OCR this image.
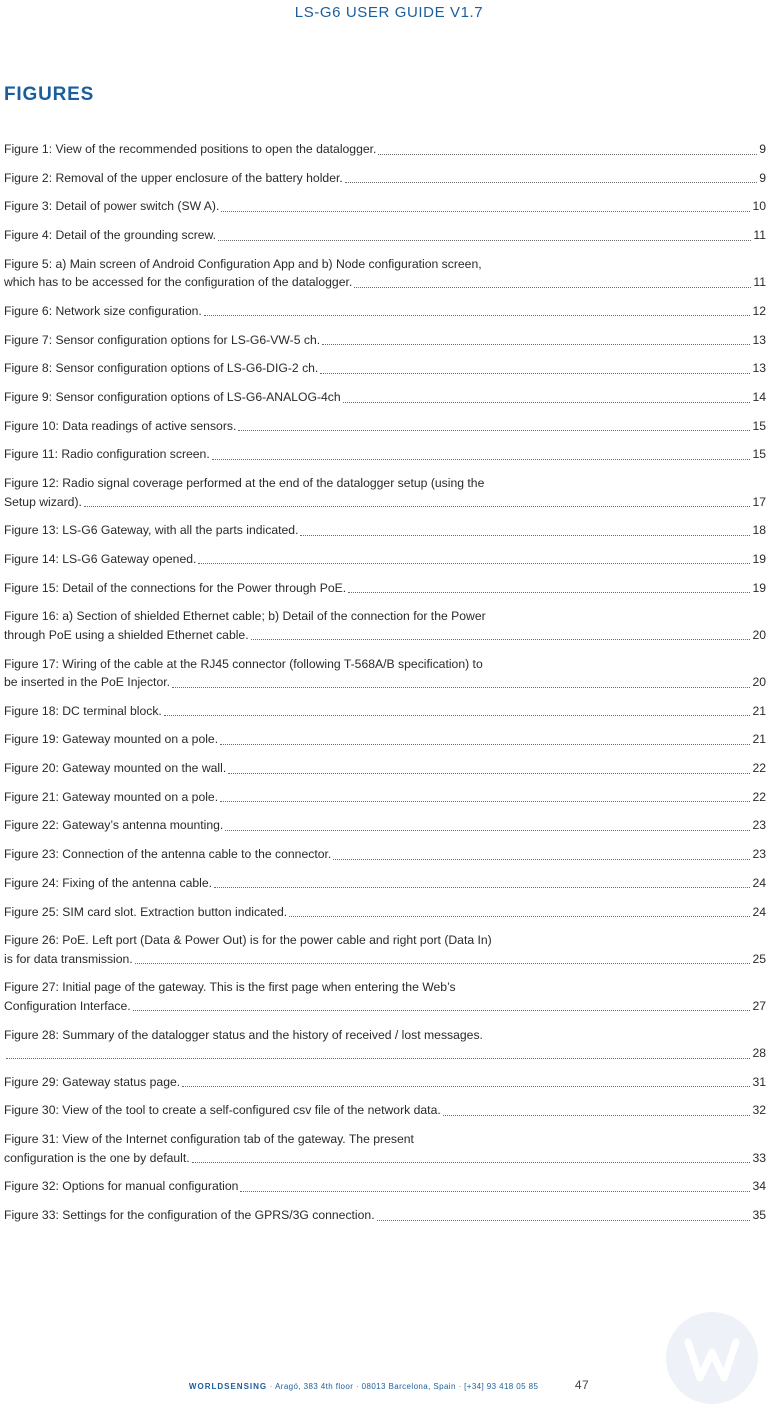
LS-G6 USER GUIDE V1.7
FIGURES
Figure 1: View of the recommended positions to open the datalogger.	9
Figure 2: Removal of the upper enclosure of the battery holder.	9
Figure 3: Detail of power switch (SW A).	10
Figure 4: Detail of the grounding screw.	11
Figure 5: a) Main screen of Android Configuration App and b) Node configuration screen,
which has to be accessed for the configuration of the datalogger.	11
Figure 6: Network size configuration.	12
Figure 7: Sensor configuration options for LS-G6-VW-5 ch.	13
Figure 8: Sensor configuration options of LS-G6-DIG-2 ch.	13
Figure 9: Sensor configuration options of LS-G6-ANALOG-4ch	14
Figure 10: Data readings of active sensors.	15
Figure 11: Radio configuration screen.	15
Figure 12: Radio signal coverage performed at the end of the datalogger setup (using the
Setup wizard).	17
Figure 13: LS-G6 Gateway, with all the parts indicated.	18
Figure 14: LS-G6 Gateway opened.	19
Figure 15: Detail of the connections for the Power through PoE.	19
Figure 16: a) Section of shielded Ethernet cable; b) Detail of the connection for the Power
through PoE using a shielded Ethernet cable.	20
Figure 17: Wiring of the cable at the RJ45 connector (following T-568A/B specification) to
be inserted in the PoE Injector.	20
Figure 18: DC terminal block.	21
Figure 19: Gateway mounted on a pole.	21
Figure 20: Gateway mounted on the wall.	22
Figure 21: Gateway mounted on a pole.	22
Figure 22: Gateway’s antenna mounting.	23
Figure 23: Connection of the antenna cable to the connector.	23
Figure 24: Fixing of the antenna cable.	24
Figure 25: SIM card slot. Extraction button indicated.	24
Figure 26: PoE. Left port (Data & Power Out) is for the power cable and right port (Data In)
is for data transmission.	25
Figure 27: Initial page of the gateway. This is the first page when entering the Web’s
Configuration Interface.	27
Figure 28: Summary of the datalogger status and the history of received / lost messages.
28
Figure 29: Gateway status page.	31
Figure 30: View of the tool to create a self-configured csv file of the network data.	32
Figure 31: View of the Internet configuration tab of the gateway. The present
configuration is the one by default.	33
Figure 32: Options for manual configuration	34
Figure 33: Settings for the configuration of the GPRS/3G connection.	35
WORLDSENSING · Aragó, 383 4th floor · 08013 Barcelona, Spain · [+34] 93 418 05 85	47
